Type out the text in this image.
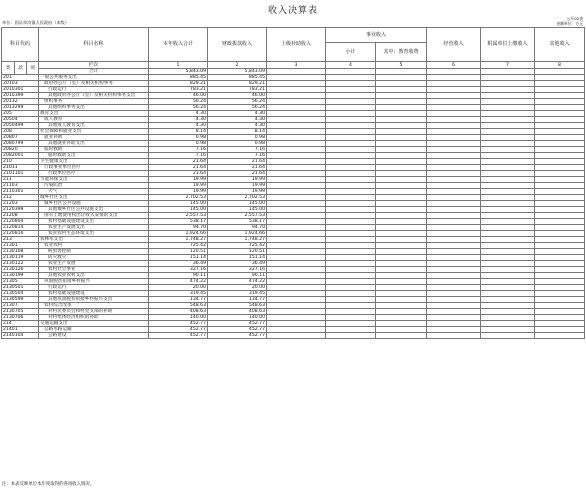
收入决算表
公开02表
金额单位：万元
单位：固县草沟镇人民政府（本级）
科目代码			科目名称	本年收入合计	财政拨款收入	上级补助收入	事业收入		经营收入	附属单位上缴收入	其他收入
							小计	其中：教育收费			
类	款	项	栏次	1	2	3	4	5	6	7	8
			合计	5,843.09	5,843.09						
201			一般公共服务支出	885.45	885.45						
20103			政府办公厅（室）及相关机构事务	829.21	829.21						
2010301			行政运行	783.21	783.21						
2010399			其他政府办公厅（室）及相关机构事务支出	46.00	46.00						
20132			组织事务	56.24	56.24						
2013299			其他组织事务支出	56.24	56.24						
205			教育支出	4.30	4.30						
20504			成人教育	4.30	4.30						
2050499			其他成人教育支出	4.30	4.30						
208			社会保障和就业支出	8.14	8.14						
20807			就业补助	0.98	0.98						
2080799			其他就业补助支出	0.98	0.98						
20820			临时救助	7.16	7.16						
2082001			临时救助支出	7.16	7.16						
210			卫生健康支出	21.64	21.64						
21011			行政事业单位医疗	21.64	21.64						
2101101			行政单位医疗	21.64	21.64						
211			节能环保支出	19.99	19.99						
21103			污染防治	19.99	19.99						
2110301			大气	19.99	19.99						
212			城乡社区支出	2,702.53	2,702.53						
21203			城乡社区公共设施	145.00	145.00						
2120399			其他城乡社区公共设施支出	145.00	145.00						
21208			国有土地使用权出让收入安排的支出	2,557.53	2,557.53						
2120804			农村基础设施建设支出	538.17	538.17						
2120814			农业生产发展支出	94.70	94.70						
2120816			农业农村生态环境支出	1,924.66	1,924.66						
213			农林水支出	1,748.27	1,748.27						
21301			农业农村	725.42	725.42						
2130108			病虫害控制	120.51	120.51						
2130119			防灾救灾	151.14	151.14						
2130122			农业生产发展	36.49	36.49						
2130126			农村社会事业	327.16	327.16						
2130199			其他农业农村支出	90.11	90.11						
21305			巩固脱贫衔接乡村振兴	474.22	474.22						
2130501			行政运行	20.00	20.00						
2130504			农村基础设施建设	319.45	319.45						
2130599			其他巩固脱贫衔接乡村振兴支出	134.77	134.77						
21307			农村综合改革	548.63	548.63						
2130705			对村民委员会和村党支部的补助	408.63	408.63						
2130706			对村集体经济组织的补助	140.00	140.00						
214			交通运输支出	452.77	452.77						
21401			公路水路运输	452.77	452.77						
2140104			公路建设	452.77	452.77						
注：本表反映单位本年度取得的各项收入情况。
